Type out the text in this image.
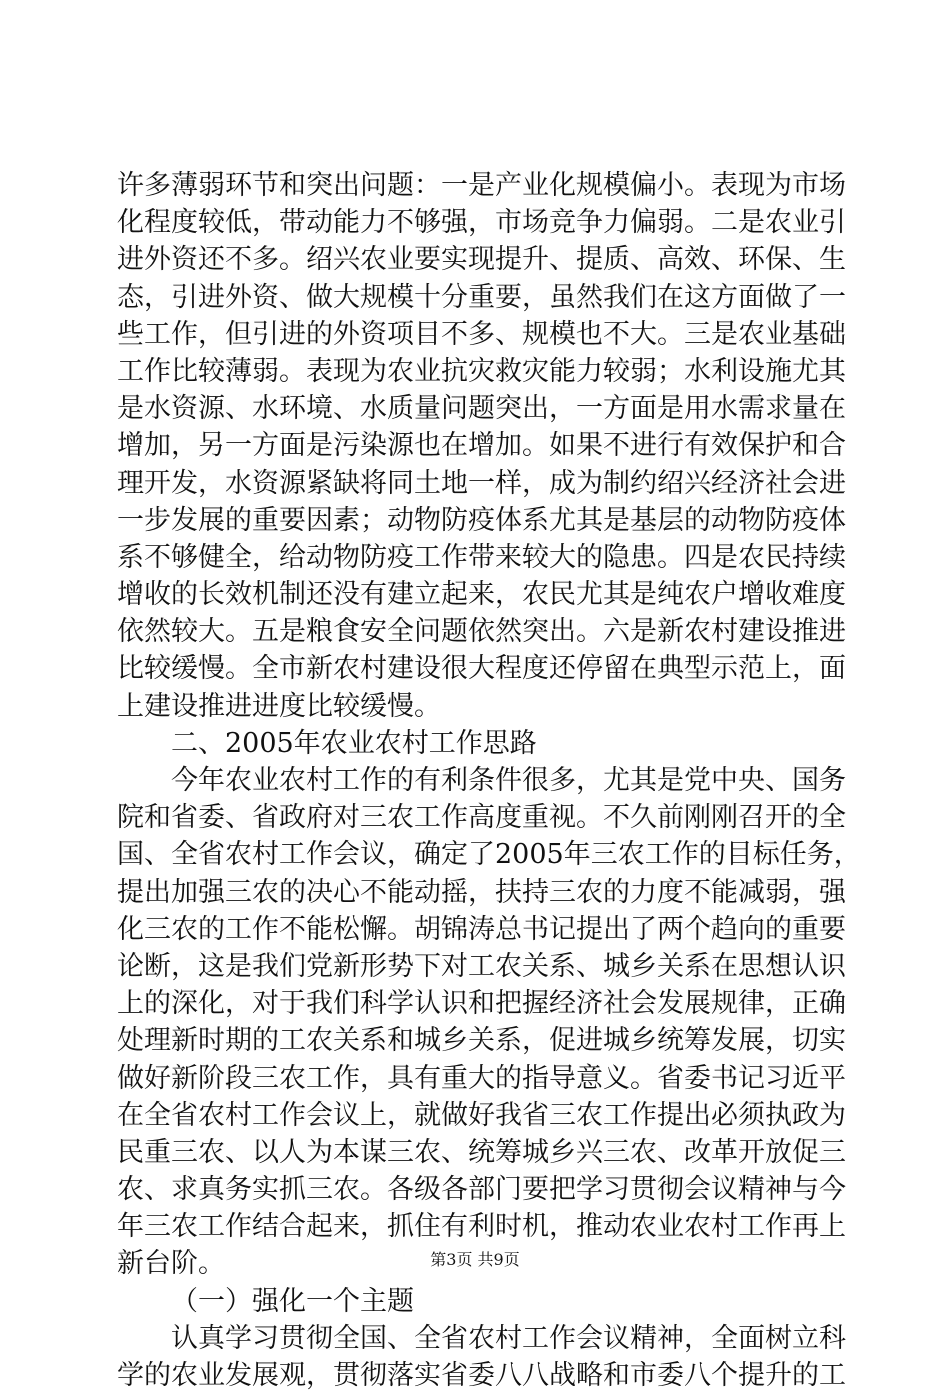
许多薄弱环节和突出问题：一是产业化规模偏小。表现为市场
化程度较低，带动能力不够强，市场竞争力偏弱。二是农业引
进外资还不多。绍兴农业要实现提升、提质、高效、环保、生
态，引进外资、做大规模十分重要，虽然我们在这方面做了一
些工作，但引进的外资项目不多、规模也不大。三是农业基础
工作比较薄弱。表现为农业抗灾救灾能力较弱；水利设施尤其
是水资源、水环境、水质量问题突出，一方面是用水需求量在
增加，另一方面是污染源也在增加。如果不进行有效保护和合
理开发，水资源紧缺将同土地一样，成为制约绍兴经济社会进
一步发展的重要因素；动物防疫体系尤其是基层的动物防疫体
系不够健全，给动物防疫工作带来较大的隐患。四是农民持续
增收的长效机制还没有建立起来，农民尤其是纯农户增收难度
依然较大。五是粮食安全问题依然突出。六是新农村建设推进
比较缓慢。全市新农村建设很大程度还停留在典型示范上，面
上建设推进进度比较缓慢。
二、2005年农业农村工作思路
今年农业农村工作的有利条件很多，尤其是党中央、国务
院和省委、省政府对三农工作高度重视。不久前刚刚召开的全
国、全省农村工作会议，确定了2005年三农工作的目标任务，
提出加强三农的决心不能动摇，扶持三农的力度不能减弱，强
化三农的工作不能松懈。胡锦涛总书记提出了两个趋向的重要
论断，这是我们党新形势下对工农关系、城乡关系在思想认识
上的深化，对于我们科学认识和把握经济社会发展规律，正确
处理新时期的工农关系和城乡关系，促进城乡统筹发展，切实
做好新阶段三农工作，具有重大的指导意义。省委书记习近平
在全省农村工作会议上，就做好我省三农工作提出必须执政为
民重三农、以人为本谋三农、统筹城乡兴三农、改革开放促三
农、求真务实抓三农。各级各部门要把学习贯彻会议精神与今
年三农工作结合起来，抓住有利时机，推动农业农村工作再上
新台阶。
（一）强化一个主题
认真学习贯彻全国、全省农村工作会议精神，全面树立科
学的农业发展观，贯彻落实省委八八战略和市委八个提升的工
第3页 共9页
